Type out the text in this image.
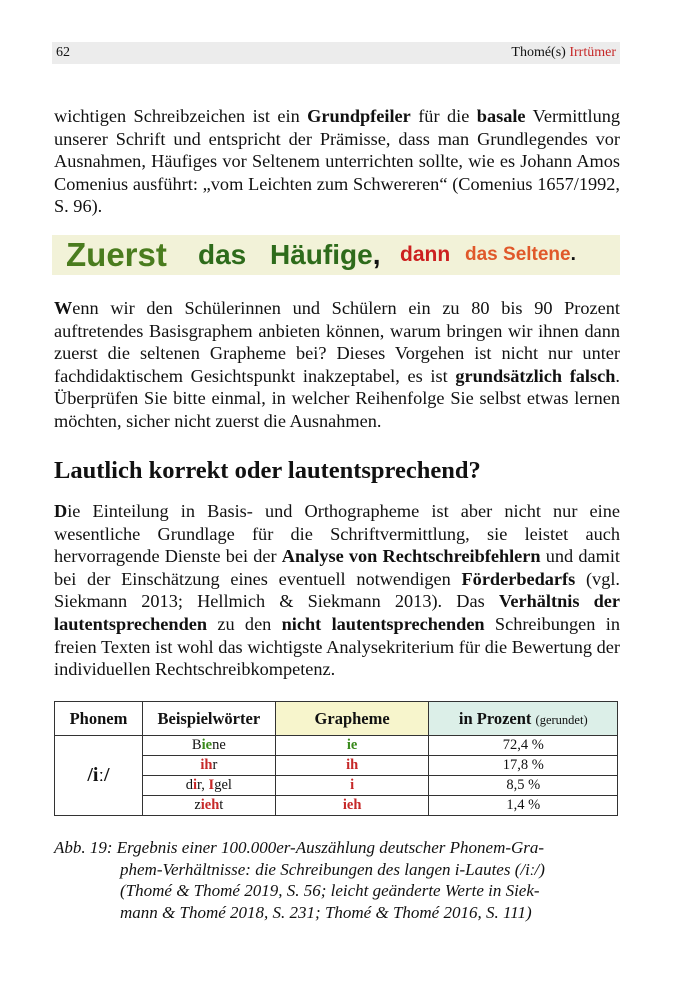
62	Thomé(s) Irrtümer
wichtigen Schreibzeichen ist ein Grundpfeiler für die basale Vermittlung unserer Schrift und entspricht der Prämisse, dass man Grundlegendes vor Ausnahmen, Häufiges vor Seltenem unterrichten sollte, wie es Johann Amos Comenius ausführt: „vom Leichten zum Schwereren“ (Comenius 1657/1992, S. 96).
Zuerst das Häufige, dann das Seltene.
Wenn wir den Schülerinnen und Schülern ein zu 80 bis 90 Prozent auftretendes Basisgraphem anbieten können, warum bringen wir ihnen dann zuerst die seltenen Grapheme bei? Dieses Vorgehen ist nicht nur unter fachdidaktischem Gesichtspunkt inakzeptabel, es ist grundsätzlich falsch. Überprüfen Sie bitte einmal, in welcher Reihenfolge Sie selbst etwas lernen möchten, sicher nicht zuerst die Ausnahmen.
Lautlich korrekt oder lautentsprechend?
Die Einteilung in Basis- und Orthographeme ist aber nicht nur eine wesentliche Grundlage für die Schriftvermittlung, sie leistet auch hervorragende Dienste bei der Analyse von Rechtschreibfehlern und damit bei der Einschätzung eines eventuell notwendigen Förderbedarfs (vgl. Siekmann 2013; Hellmich & Siekmann 2013). Das Verhältnis der lautentsprechenden zu den nicht lautentsprechenden Schreibungen in freien Texten ist wohl das wichtigste Analysekriterium für die Bewertung der individuellen Rechtschreibkompetenz.
Phonem	Beispielwörter	Grapheme	in Prozent (gerundet)
/iː/	Biene	ie	72,4 %
	ihr	ih	17,8 %
	dir, Igel	i	8,5 %
	zieht	ieh	1,4 %
Abb. 19: Ergebnis einer 100.000er-Auszählung deutscher Phonem-Gra-
phem-Verhältnisse: die Schreibungen des langen i-Lautes (/iː/)
(Thomé & Thomé 2019, S. 56; leicht geänderte Werte in Siek-
mann & Thomé 2018, S. 231; Thomé & Thomé 2016, S. 111)
